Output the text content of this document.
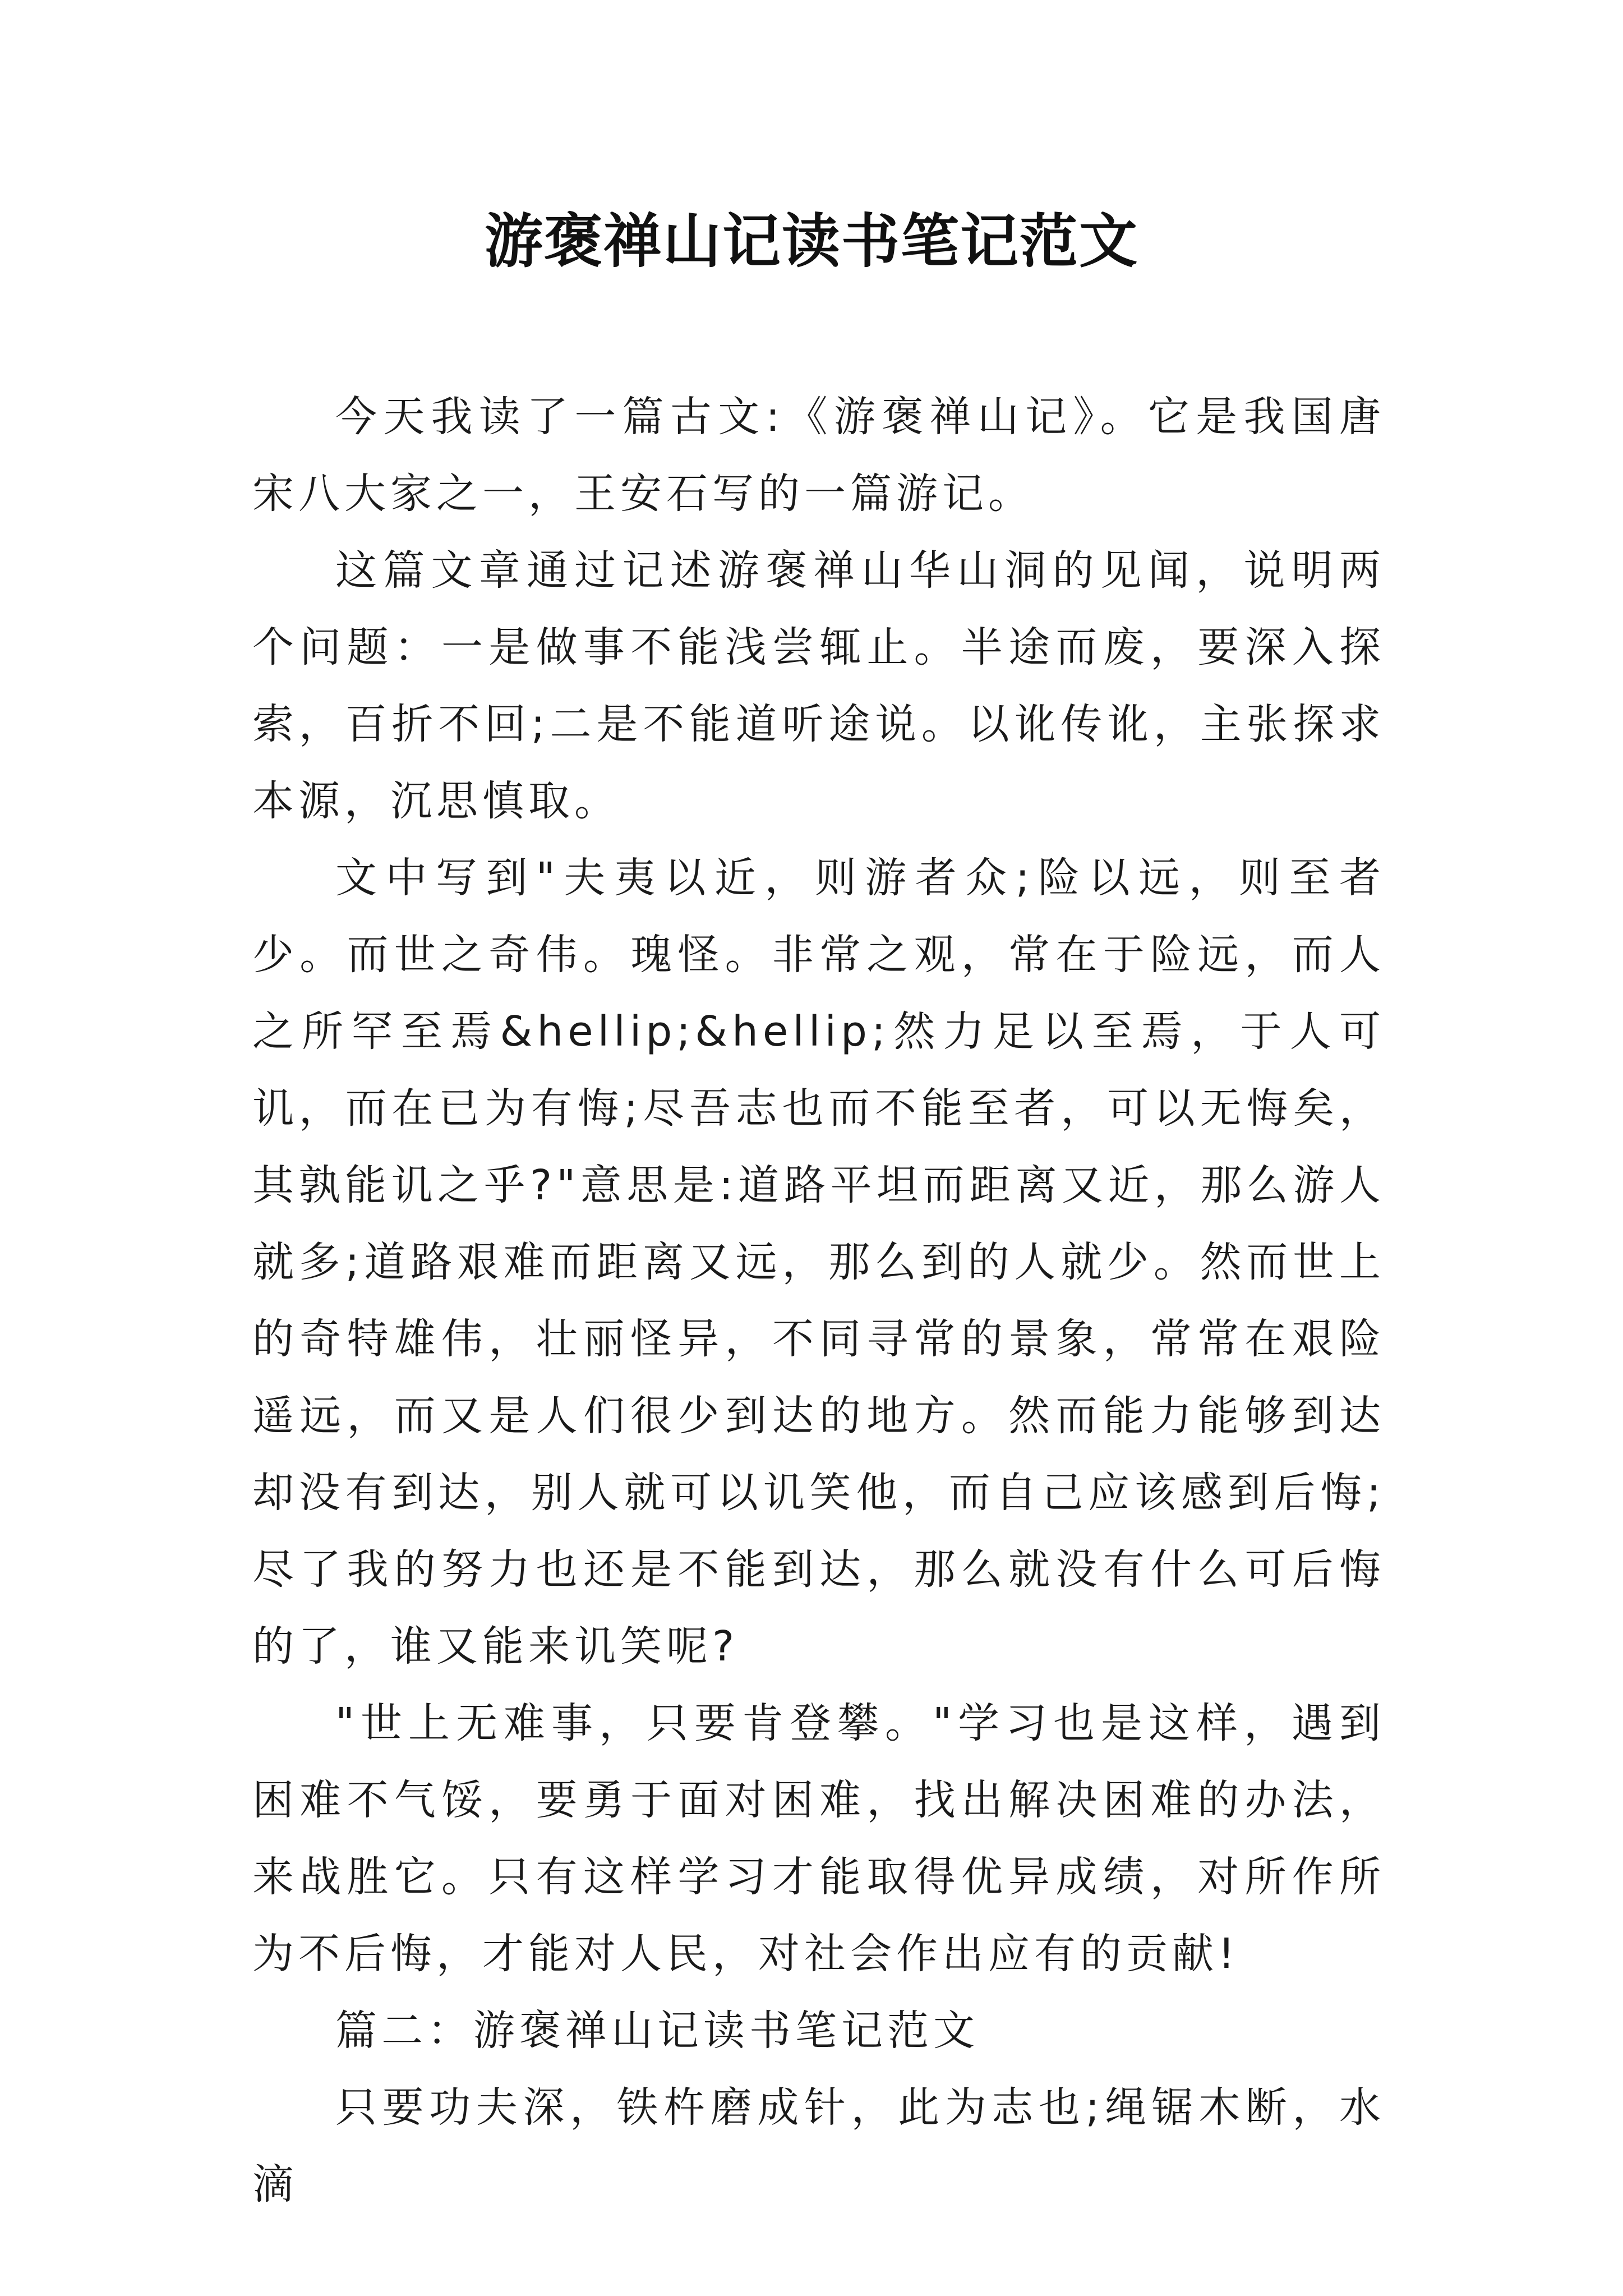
游褒禅山记读书笔记范文

今天我读了一篇古文:《游褒禅山记》。它是我国唐宋八大家之一，王安石写的一篇游记。

这篇文章通过记述游褒禅山华山洞的见闻，说明两个问题：一是做事不能浅尝辄止。半途而废，要深入探索，百折不回;二是不能道听途说。以讹传讹，主张探求本源，沉思慎取。

文中写到"夫夷以近，则游者众;险以远，则至者少。而世之奇伟。瑰怪。非常之观，常在于险远，而人之所罕至焉&hellip;&hellip;然力足以至焉，于人可讥，而在已为有悔;尽吾志也而不能至者，可以无悔矣，其孰能讥之乎?"意思是:道路平坦而距离又近，那么游人就多;道路艰难而距离又远，那么到的人就少。然而世上的奇特雄伟，壮丽怪异，不同寻常的景象，常常在艰险遥远，而又是人们很少到达的地方。然而能力能够到达却没有到达，别人就可以讥笑他，而自己应该感到后悔;尽了我的努力也还是不能到达，那么就没有什么可后悔的了，谁又能来讥笑呢?

"世上无难事，只要肯登攀。"学习也是这样，遇到困难不气馁，要勇于面对困难，找出解决困难的办法，来战胜它。只有这样学习才能取得优异成绩，对所作所为不后悔，才能对人民，对社会作出应有的贡献!

篇二：游褒禅山记读书笔记范文

只要功夫深，铁杵磨成针，此为志也;绳锯木断，水滴
